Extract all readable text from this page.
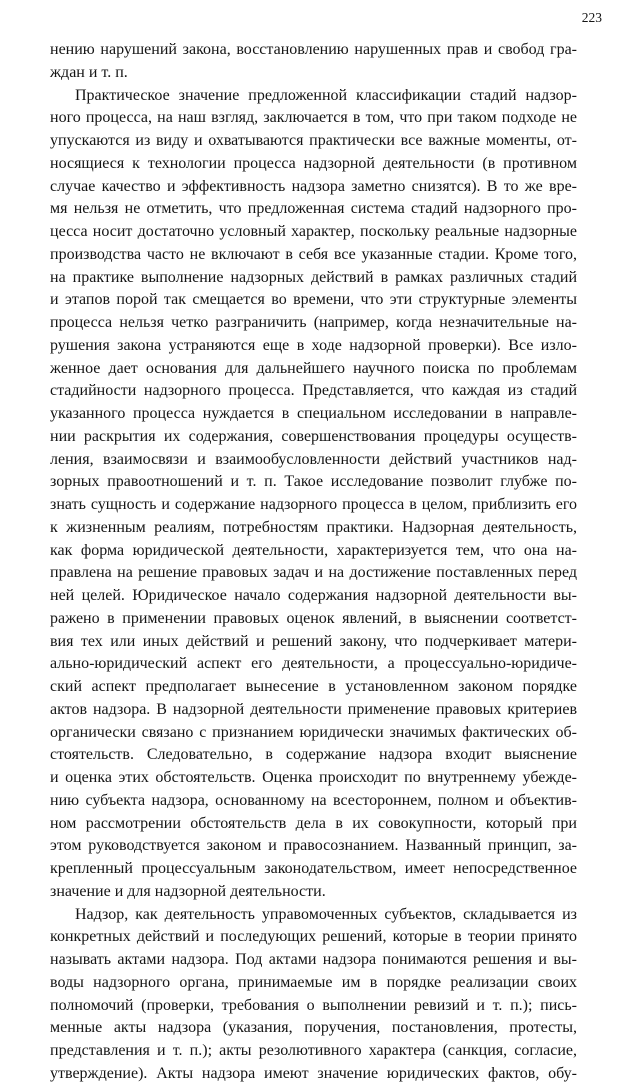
223
нению нарушений закона, восстановлению нарушенных прав и свобод гра-
ждан и т. п.
Практическое значение предложенной классификации стадий надзор-
ного процесса, на наш взгляд, заключается в том, что при таком подходе не
упускаются из виду и охватываются практически все важные моменты, от-
носящиеся к технологии процесса надзорной деятельности (в противном
случае качество и эффективность надзора заметно снизятся). В то же вре-
мя нельзя не отметить, что предложенная система стадий надзорного про-
цесса носит достаточно условный характер, поскольку реальные надзорные
производства часто не включают в себя все указанные стадии. Кроме того,
на практике выполнение надзорных действий в рамках различных стадий
и этапов порой так смещается во времени, что эти структурные элементы
процесса нельзя четко разграничить (например, когда незначительные на-
рушения закона устраняются еще в ходе надзорной проверки). Все изло-
женное дает основания для дальнейшего научного поиска по проблемам
стадийности надзорного процесса. Представляется, что каждая из стадий
указанного процесса нуждается в специальном исследовании в направле-
нии раскрытия их содержания, совершенствования процедуры осуществ-
ления, взаимосвязи и взаимообусловленности действий участников над-
зорных правоотношений и т. п. Такое исследование позволит глубже по-
знать сущность и содержание надзорного процесса в целом, приблизить его
к жизненным реалиям, потребностям практики. Надзорная деятельность,
как форма юридической деятельности, характеризуется тем, что она на-
правлена на решение правовых задач и на достижение поставленных перед
ней целей. Юридическое начало содержания надзорной деятельности вы-
ражено в применении правовых оценок явлений, в выяснении соответст-
вия тех или иных действий и решений закону, что подчеркивает матери-
ально-юридический аспект его деятельности, а процессуально-юридиче-
ский аспект предполагает вынесение в установленном законом порядке
актов надзора. В надзорной деятельности применение правовых критериев
органически связано с признанием юридически значимых фактических об-
стоятельств. Следовательно, в содержание надзора входит выяснение
и оценка этих обстоятельств. Оценка происходит по внутреннему убежде-
нию субъекта надзора, основанному на всестороннем, полном и объектив-
ном рассмотрении обстоятельств дела в их совокупности, который при
этом руководствуется законом и правосознанием. Названный принцип, за-
крепленный процессуальным законодательством, имеет непосредственное
значение и для надзорной деятельности.
Надзор, как деятельность управомоченных субъектов, складывается из
конкретных действий и последующих решений, которые в теории принято
называть актами надзора. Под актами надзора понимаются решения и вы-
воды надзорного органа, принимаемые им в порядке реализации своих
полномочий (проверки, требования о выполнении ревизий и т. п.); пись-
менные акты надзора (указания, поручения, постановления, протесты,
представления и т. п.); акты резолютивного характера (санкция, согласие,
утверждение). Акты надзора имеют значение юридических фактов, обу-
